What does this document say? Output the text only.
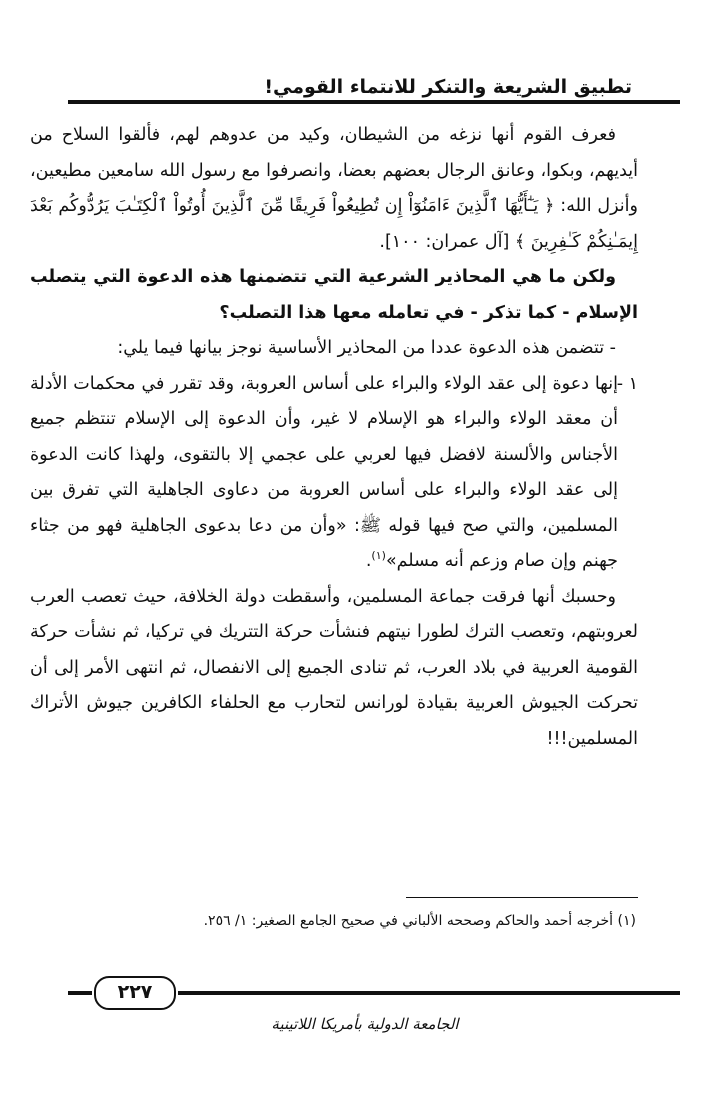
تطبيق الشريعة والتنكر للانتماء القومي!

فعرف القوم أنها نزغه من الشيطان، وكيد من عدوهم لهم، فألقوا السلاح من أيديهم، وبكوا، وعانق الرجال بعضهم بعضا، وانصرفوا مع رسول الله سامعين مطيعين، وأنزل الله: ﴿ يَـٰٓأَيُّهَا ٱلَّذِينَ ءَامَنُوٓاْ إِن تُطِيعُواْ فَرِيقًا مِّنَ ٱلَّذِينَ أُوتُواْ ٱلْكِتَـٰبَ يَرُدُّوكُم بَعْدَ إِيمَـٰنِكُمْ كَـٰفِرِينَ ﴾ [آل عمران: ١٠٠].

ولكن ما هي المحاذير الشرعية التي تتضمنها هذه الدعوة التي يتصلب الإسلام - كما تذكر - في تعامله معها هذا التصلب؟

- تتضمن هذه الدعوة عددا من المحاذير الأساسية نوجز بيانها فيما يلي:

١ -
إنها دعوة إلى عقد الولاء والبراء على أساس العروبة، وقد تقرر في محكمات الأدلة أن معقد الولاء والبراء هو الإسلام لا غير، وأن الدعوة إلى الإسلام تنتظم جميع الأجناس والألسنة لافضل فيها لعربي على عجمي إلا بالتقوى، ولهذا كانت الدعوة إلى عقد الولاء والبراء على أساس العروبة من دعاوى الجاهلية التي تفرق بين المسلمين، والتي صح فيها قوله ﷺ: «وأن من دعا بدعوى الجاهلية فهو من جثاء جهنم وإن صام وزعم أنه مسلم»$^{(١)}$.

وحسبك أنها فرقت جماعة المسلمين، وأسقطت دولة الخلافة، حيث تعصب العرب لعروبتهم، وتعصب الترك لطورا نيتهم فنشأت حركة التتريك في تركيا، ثم نشأت حركة القومية العربية في بلاد العرب، ثم تنادى الجميع إلى الانفصال، ثم انتهى الأمر إلى أن تحركت الجيوش العربية بقيادة لورانس لتحارب مع الحلفاء الكافرين جيوش الأتراك المسلمين!!!

(١) أخرجه أحمد والحاكم وصححه الألباني في صحيح الجامع الصغير: ١/ ٢٥٦.
٢٢٧
الجامعة الدولية بأمريكا اللاتينية
